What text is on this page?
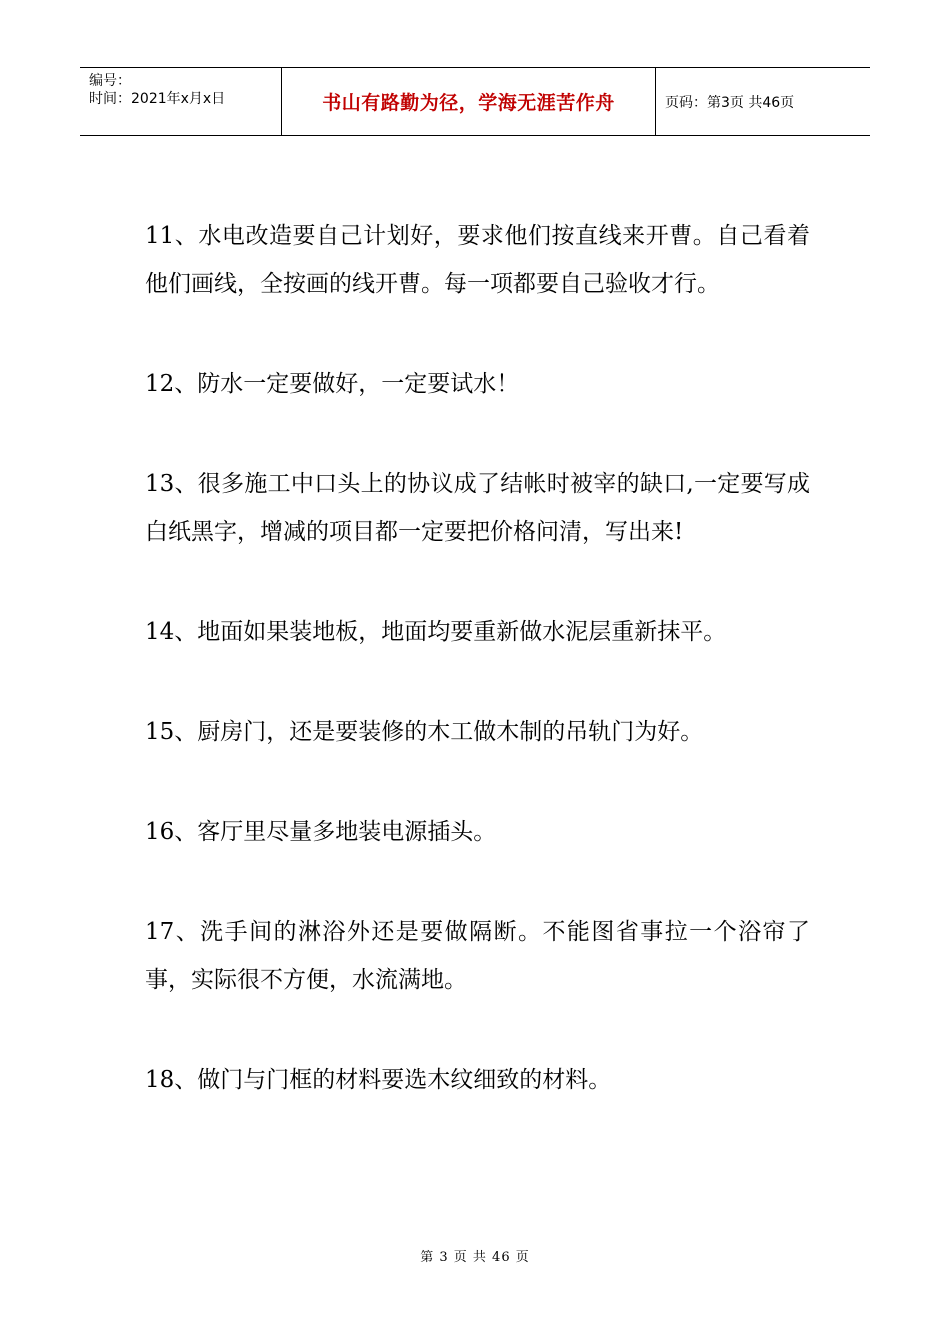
编号：
时间：2021年x月x日	书山有路勤为径，学海无涯苦作舟	页码：第3页 共46页

11、水电改造要自己计划好，要求他们按直线来开曹。自己看着他们画线，全按画的线开曹。每一项都要自己验收才行。

12、防水一定要做好，一定要试水！

13、很多施工中口头上的协议成了结帐时被宰的缺口,一定要写成白纸黑字，增减的项目都一定要把价格问清，写出来!

14、地面如果装地板，地面均要重新做水泥层重新抹平。

15、厨房门，还是要装修的木工做木制的吊轨门为好。

16、客厅里尽量多地装电源插头。

17、洗手间的淋浴外还是要做隔断。不能图省事拉一个浴帘了事，实际很不方便，水流满地。

18、做门与门框的材料要选木纹细致的材料。

第 3 页 共 46 页
